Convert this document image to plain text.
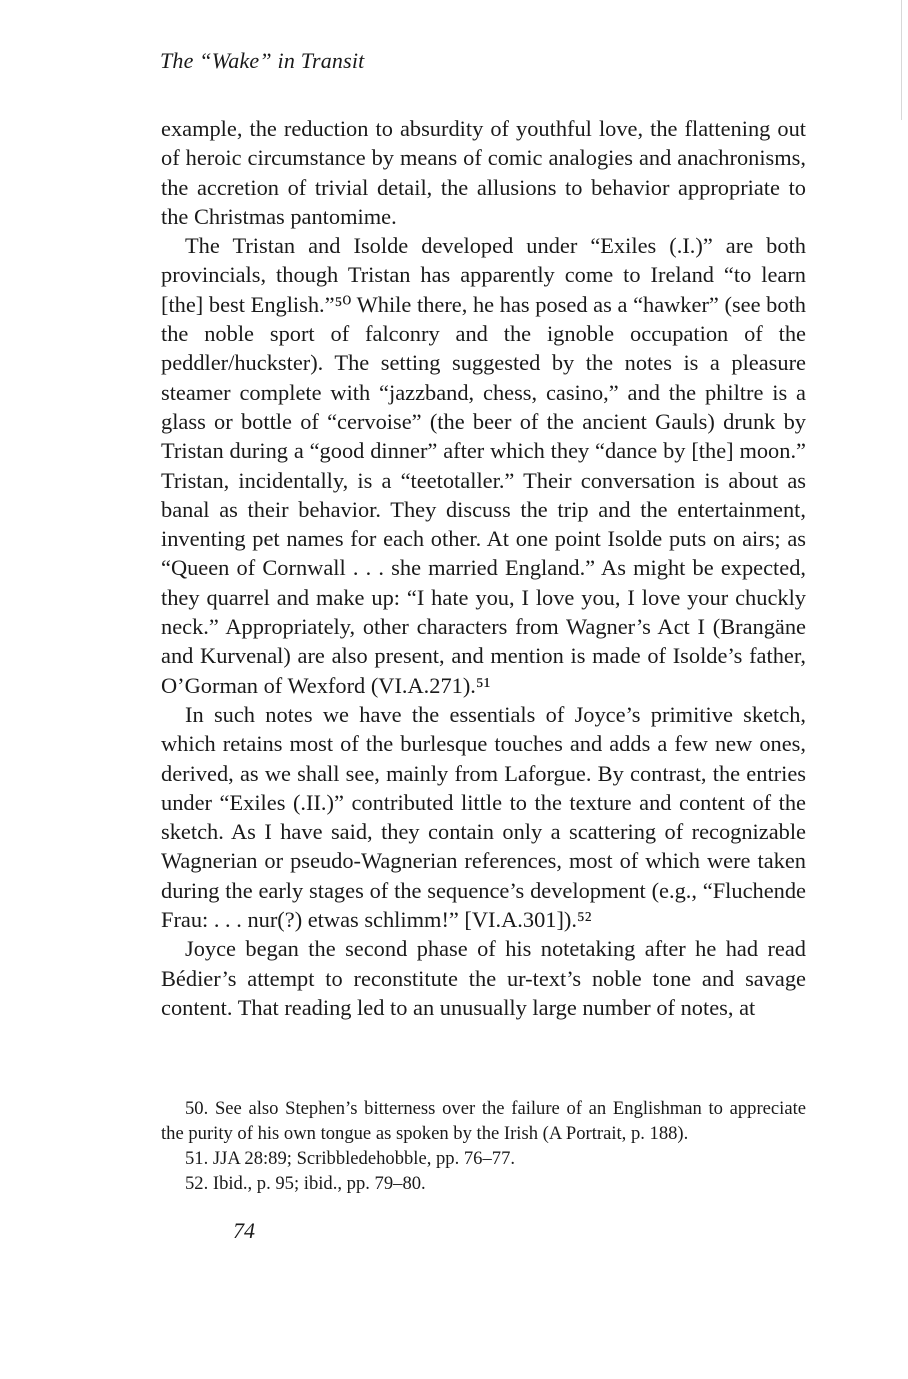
The “Wake” in Transit

example, the reduction to absurdity of youthful love, the flattening out of heroic circumstance by means of comic analogies and anachronisms, the accretion of trivial detail, the allusions to behavior appropriate to the Christmas pantomime.

The Tristan and Isolde developed under “Exiles (.I.)” are both provincials, though Tristan has apparently come to Ireland “to learn [the] best English.”⁵⁰ While there, he has posed as a “hawker” (see both the noble sport of falconry and the ignoble occupation of the peddler/huckster). The setting suggested by the notes is a pleasure steamer complete with “jazzband, chess, casino,” and the philtre is a glass or bottle of “cervoise” (the beer of the ancient Gauls) drunk by Tristan during a “good dinner” after which they “dance by [the] moon.” Tristan, incidentally, is a “teetotaller.” Their conversation is about as banal as their behavior. They discuss the trip and the entertainment, inventing pet names for each other. At one point Isolde puts on airs; as “Queen of Cornwall . . . she married England.” As might be expected, they quarrel and make up: “I hate you, I love you, I love your chuckly neck.” Appropriately, other characters from Wagner’s Act I (Brangäne and Kurvenal) are also present, and mention is made of Isolde’s father, O’Gorman of Wexford (VI.A.271).⁵¹

In such notes we have the essentials of Joyce’s primitive sketch, which retains most of the burlesque touches and adds a few new ones, derived, as we shall see, mainly from Laforgue. By contrast, the entries under “Exiles (.II.)” contributed little to the texture and content of the sketch. As I have said, they contain only a scattering of recognizable Wagnerian or pseudo-Wagnerian references, most of which were taken during the early stages of the sequence’s development (e.g., “Fluchende Frau: . . . nur(?) etwas schlimm!” [VI.A.301]).⁵²

Joyce began the second phase of his notetaking after he had read Bédier’s attempt to reconstitute the ur-text’s noble tone and savage content. That reading led to an unusually large number of notes, at

50. See also Stephen’s bitterness over the failure of an Englishman to appreciate the purity of his own tongue as spoken by the Irish (A Portrait, p. 188).

51. JJA 28:89; Scribbledehobble, pp. 76–77.

52. Ibid., p. 95; ibid., pp. 79–80.

74
